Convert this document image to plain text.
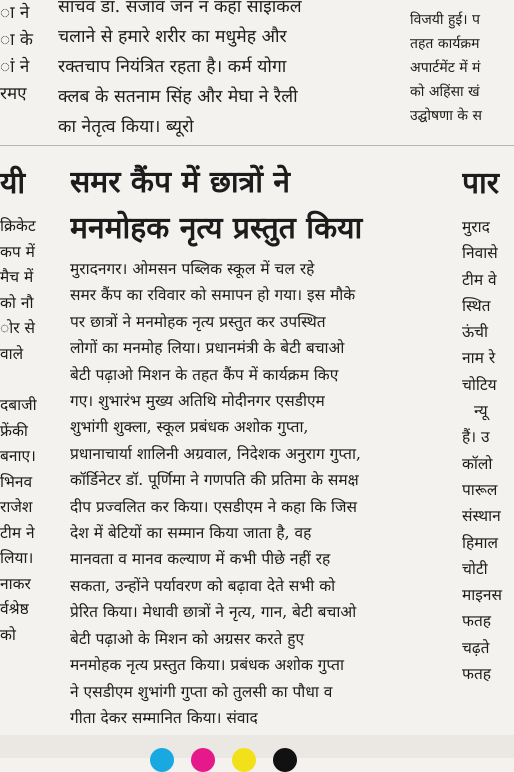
ा ने
ा के
ां ने
रमए
साचव डा. सजाव जन न कहा साइाकल
चलाने से हमारे शरीर का मधुमेह और
रक्तचाप नियंत्रित रहता है। कर्म योगा
क्लब के सतनाम सिंह और मेघा ने रैली
का नेतृत्व किया। ब्यूरो
विजयी हुई। प
तहत कार्यक्रम
अपार्टमेंट में मं
को अहिंसा खं
उद्घोषणा के स
यी	समर कैंप में छात्रों ने
मनमोहक नृत्य प्रस्तुत किया
पार
क्रिकेट
कप में
मैच में
को नौ
ोर से
वाले
दबाजी
फ्रेंकी
बनाए।
भिनव
राजेश
टीम ने
लिया।
नाकर
र्वश्रेष्ठ
को
मुरादनगर। ओमसन पब्लिक स्कूल में चल रहे
समर कैंप का रविवार को समापन हो गया। इस मौके
पर छात्रों ने मनमोहक नृत्य प्रस्तुत कर उपस्थित
लोगों का मनमोह लिया। प्रधानमंत्री के बेटी बचाओ
बेटी पढ़ाओ मिशन के तहत कैंप में कार्यक्रम किए
गए। शुभारंभ मुख्य अतिथि मोदीनगर एसडीएम
शुभांगी शुक्ला, स्कूल प्रबंधक अशोक गुप्ता,
प्रधानाचार्या शालिनी अग्रवाल, निदेशक अनुराग गुप्ता,
कॉर्डिनेटर डॉ. पूर्णिमा ने गणपति की प्रतिमा के समक्ष
दीप प्रज्वलित कर किया। एसडीएम ने कहा कि जिस
देश में बेटियों का सम्मान किया जाता है, वह
मानवता व मानव कल्याण में कभी पीछे नहीं रह
सकता, उन्होंने पर्यावरण को बढ़ावा देते सभी को
प्रेरित किया। मेधावी छात्रों ने नृत्य, गान, बेटी बचाओ
बेटी पढ़ाओ के मिशन को अग्रसर करते हुए
मनमोहक नृत्य प्रस्तुत किया। प्रबंधक अशोक गुप्ता
ने एसडीएम शुभांगी गुप्ता को तुलसी का पौधा व
गीता देकर सम्मानित किया। संवाद
मुराद
निवासे
टीम वे
स्थित
ऊंची
नाम रे
चोटिय
न्यू
हैं। उ
कॉलो
पारूल
संस्थान
हिमाल
चोटी
माइनस
फतह
चढ़ते
फतह
